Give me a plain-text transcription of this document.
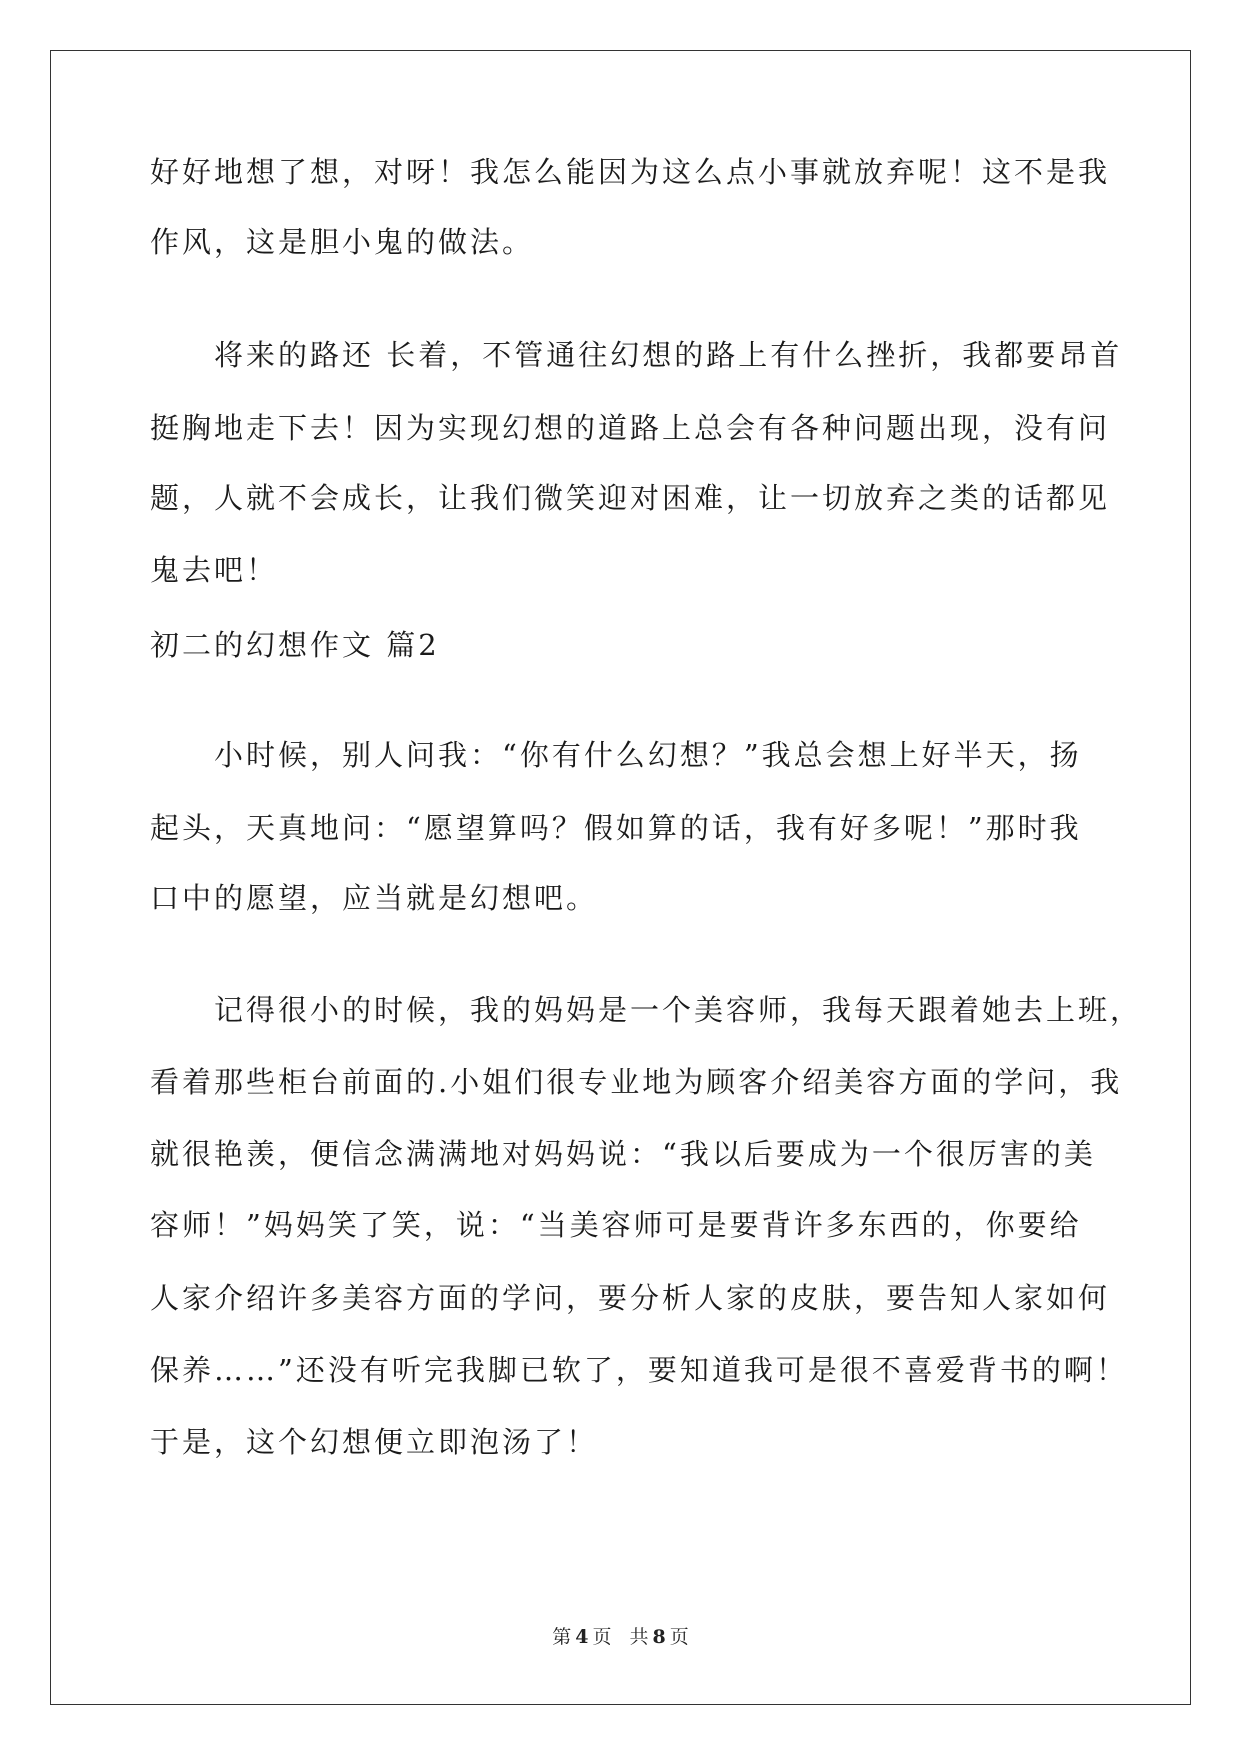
好好地想了想，对呀！我怎么能因为这么点小事就放弃呢！这不是我
作风，这是胆小鬼的做法。
　　将来的路还 长着，不管通往幻想的路上有什么挫折，我都要昂首
挺胸地走下去！因为实现幻想的道路上总会有各种问题出现，没有问
题，人就不会成长，让我们微笑迎对困难，让一切放弃之类的话都见
鬼去吧！
初二的幻想作文 篇2
　　小时候，别人问我：“你有什么幻想？”我总会想上好半天，扬
起头，天真地问：“愿望算吗？假如算的话，我有好多呢！”那时我
口中的愿望，应当就是幻想吧。
　　记得很小的时候，我的妈妈是一个美容师，我每天跟着她去上班，
看着那些柜台前面的.小姐们很专业地为顾客介绍美容方面的学问，我
就很艳羡，便信念满满地对妈妈说：“我以后要成为一个很厉害的美
容师！”妈妈笑了笑，说：“当美容师可是要背许多东西的，你要给
人家介绍许多美容方面的学问，要分析人家的皮肤，要告知人家如何
保养……”还没有听完我脚已软了，要知道我可是很不喜爱背书的啊！
于是，这个幻想便立即泡汤了！
第 4 页 共 8 页
